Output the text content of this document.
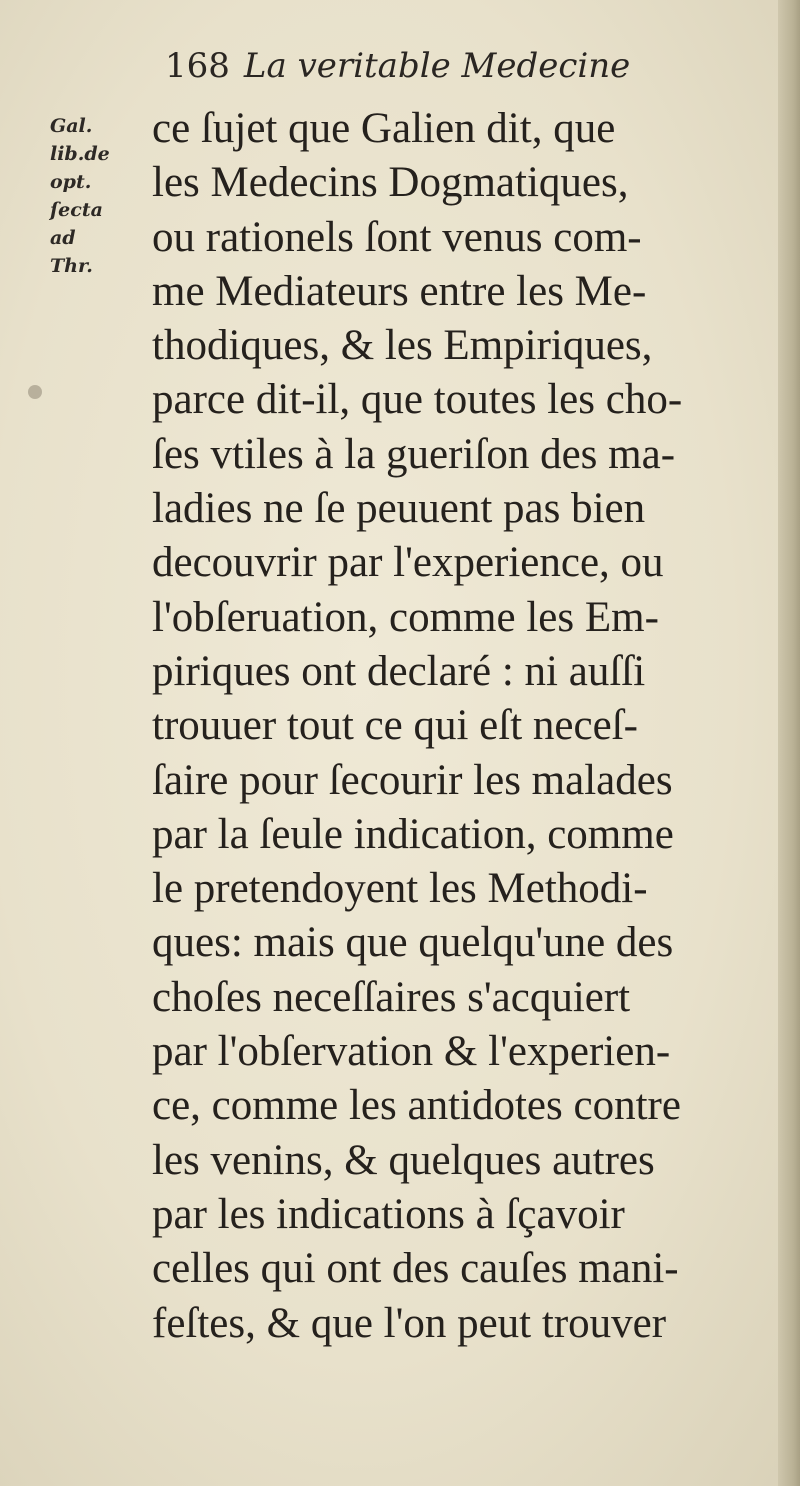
168 La veritable Medecine
Gal.
lib.de
opt.
ſecta
ad
Thr.
ce ſujet que Galien dit, que
les Medecins Dogmatiques,
ou rationels ſont venus com-
me Mediateurs entre les Me-
thodiques, & les Empiriques,
parce dit-il, que toutes les cho-
ſes vtiles à la gueriſon des ma-
ladies ne ſe peuuent pas bien
decouvrir par l'experience, ou
l'obſeruation, comme les Em-
piriques ont declaré : ni auſſi
trouuer tout ce qui eſt neceſ-
ſaire pour ſecourir les malades
par la ſeule indication, comme
le pretendoyent les Methodi-
ques: mais que quelqu'une des
choſes neceſſaires s'acquiert
par l'obſervation & l'experien-
ce, comme les antidotes contre
les venins, & quelques autres
par les indications à ſçavoir
celles qui ont des cauſes mani-
feſtes, & que l'on peut trouver
